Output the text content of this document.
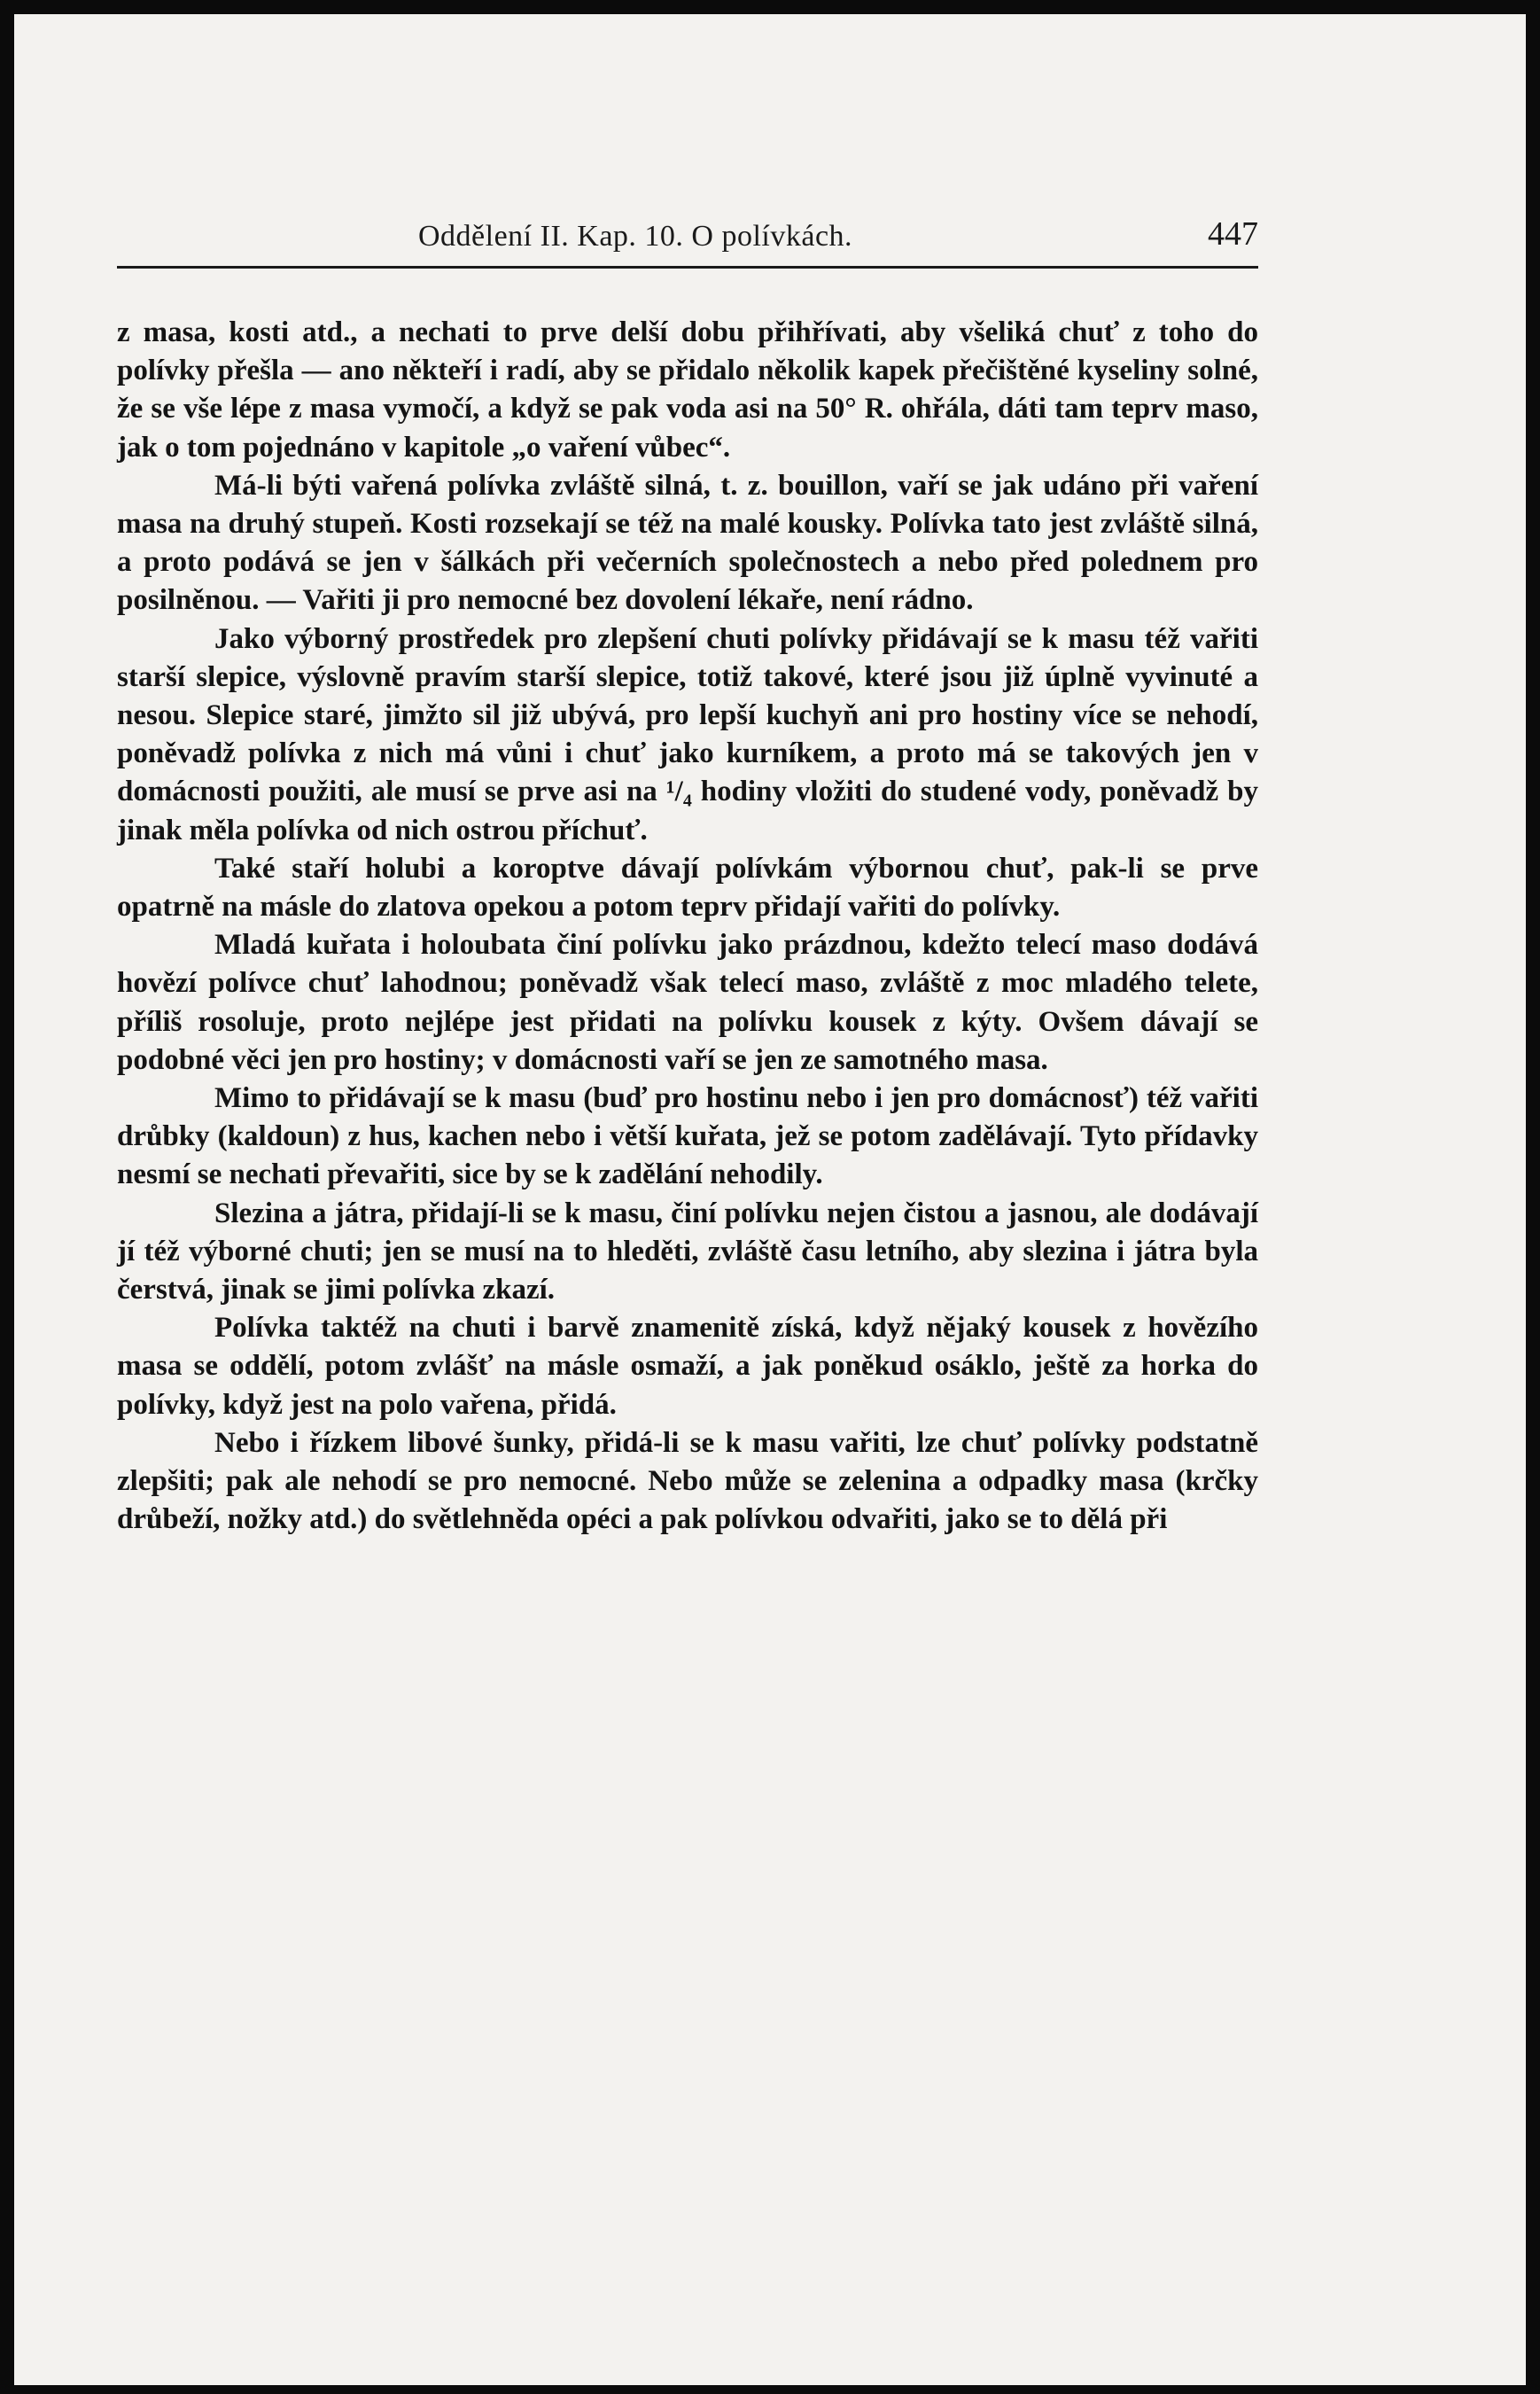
Oddělení II. Kap. 10. O polívkách.	447

z masa, kosti atd., a nechati to prve delší dobu přihřívati, aby všeliká chuť z toho do polívky přešla — ano někteří i radí, aby se přidalo několik kapek přečištěné kyseliny solné, že se vše lépe z masa vymočí, a když se pak voda asi na 50° R. ohřála, dáti tam teprv maso, jak o tom pojednáno v kapitole „o vaření vůbec“.

Má-li býti vařená polívka zvláště silná, t. z. bouillon, vaří se jak udáno při vaření masa na druhý stupeň. Kosti rozsekají se též na malé kousky. Polívka tato jest zvláště silná, a proto podává se jen v šálkách při večerních společnostech a nebo před polednem pro posilněnou. — Vařiti ji pro nemocné bez dovolení lékaře, není rádno.

Jako výborný prostředek pro zlepšení chuti polívky přidávají se k masu též vařiti starší slepice, výslovně pravím starší slepice, totiž takové, které jsou již úplně vyvinuté a nesou. Slepice staré, jimžto sil již ubývá, pro lepší kuchyň ani pro hostiny více se nehodí, poněvadž polívka z nich má vůni i chuť jako kurníkem, a proto má se takových jen v domácnosti použiti, ale musí se prve asi na ¹/₄ hodiny vložiti do studené vody, poněvadž by jinak měla polívka od nich ostrou příchuť.

Také staří holubi a koroptve dávají polívkám výbornou chuť, pak-li se prve opatrně na másle do zlatova opekou a potom teprv přidají vařiti do polívky.

Mladá kuřata i holoubata činí polívku jako prázdnou, kdežto telecí maso dodává hovězí polívce chuť lahodnou; poněvadž však telecí maso, zvláště z moc mladého telete, příliš rosoluje, proto nejlépe jest přidati na polívku kousek z kýty. Ovšem dávají se podobné věci jen pro hostiny; v domácnosti vaří se jen ze samotného masa.

Mimo to přidávají se k masu (buď pro hostinu nebo i jen pro domácnosť) též vařiti drůbky (kaldoun) z hus, kachen nebo i větší kuřata, jež se potom zadělávají. Tyto přídavky nesmí se nechati převařiti, sice by se k zadělání nehodily.

Slezina a játra, přidají-li se k masu, činí polívku nejen čistou a jasnou, ale dodávají jí též výborné chuti; jen se musí na to hleděti, zvláště času letního, aby slezina i játra byla čerstvá, jinak se jimi polívka zkazí.

Polívka taktéž na chuti i barvě znamenitě získá, když nějaký kousek z hovězího masa se oddělí, potom zvlášť na másle osmaží, a jak poněkud osáklo, ještě za horka do polívky, když jest na polo vařena, přidá.

Nebo i řízkem libové šunky, přidá-li se k masu vařiti, lze chuť polívky podstatně zlepšiti; pak ale nehodí se pro nemocné. Nebo může se zelenina a odpadky masa (krčky drůbeží, nožky atd.) do světlehněda opéci a pak polívkou odvařiti, jako se to dělá při
